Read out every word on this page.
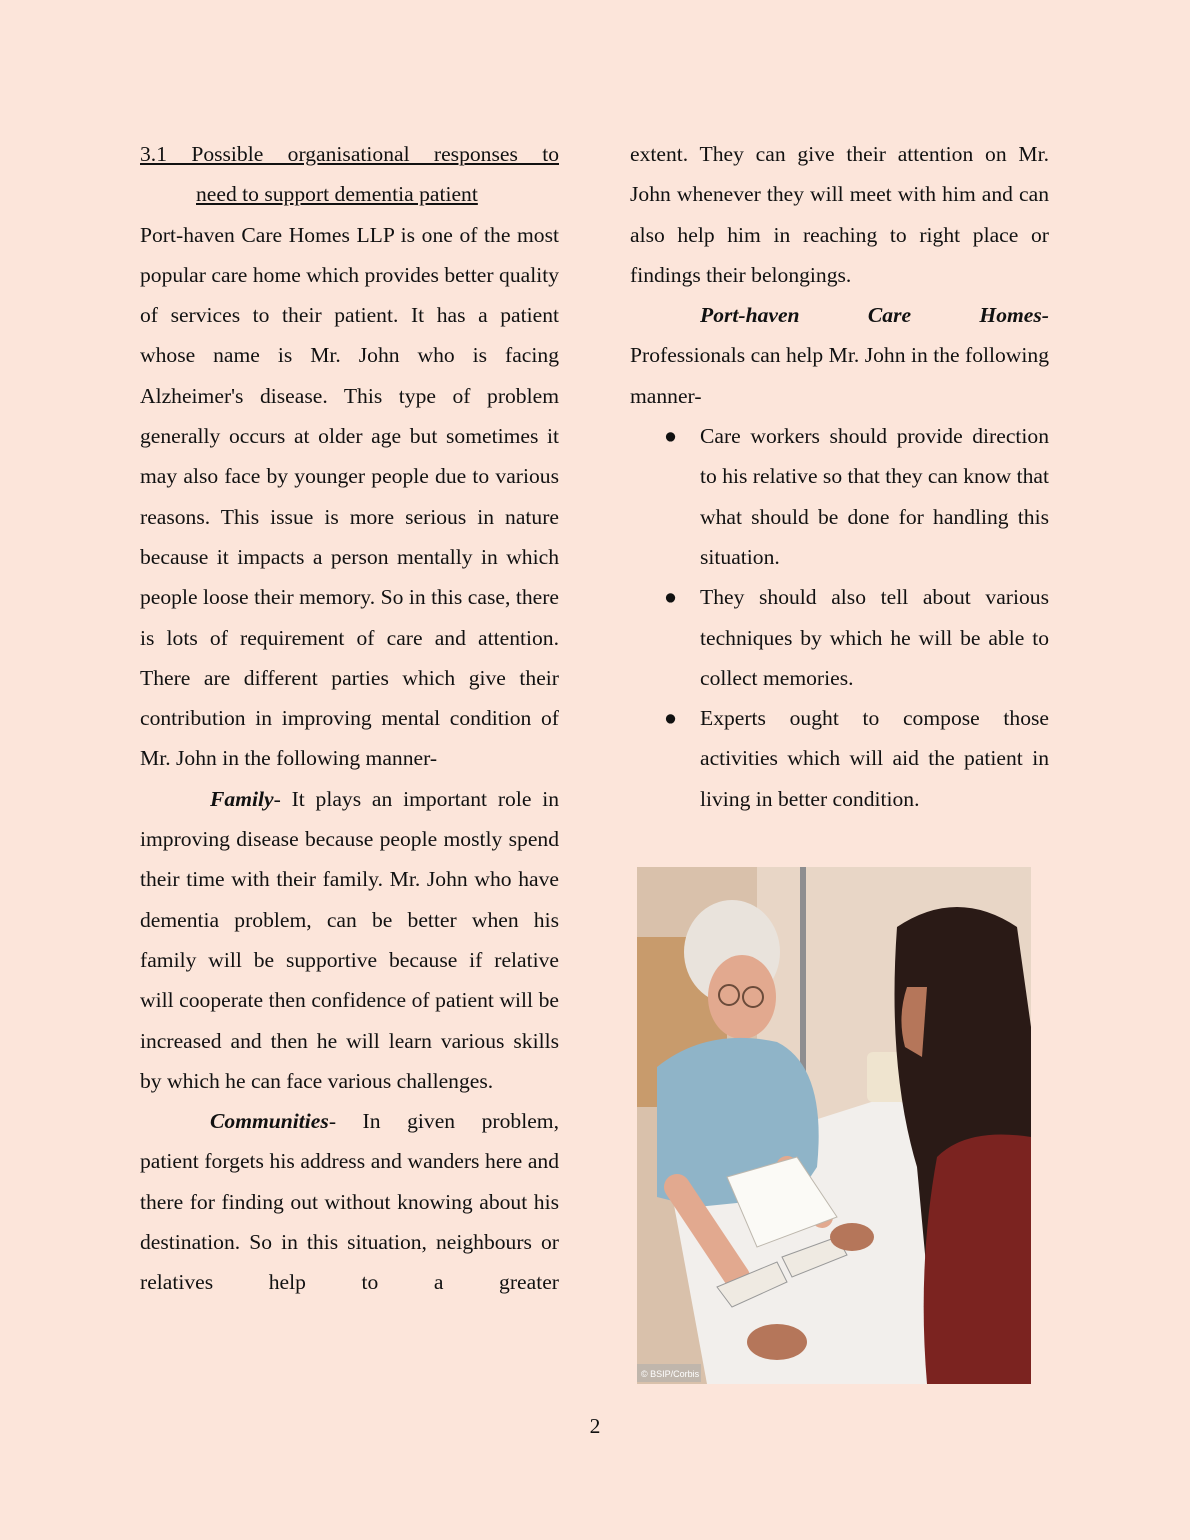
3.1 Possible organisational responses to
need to support dementia patient

Port-haven Care Homes LLP is one of the most popular care home which provides better quality of services to their patient. It has a patient whose name is Mr. John who is facing Alzheimer's disease. This type of problem generally occurs at older age but sometimes it may also face by younger people due to various reasons. This issue is more serious in nature because it impacts a person mentally in which people loose their memory. So in this case, there is lots of requirement of care and attention. There are different parties which give their contribution in improving mental condition of Mr. John in the following manner-

Family- It plays an important role in improving disease because people mostly spend their time with their family. Mr. John who have dementia problem, can be better when his family will be supportive because if relative will cooperate then confidence of patient will be increased and then he will learn various skills by which he can face various challenges.

Communities- In given problem, patient forgets his address and wanders here and there for finding out without knowing about his destination. So in this situation, neighbours or relatives help to a greater

extent. They can give their attention on Mr. John whenever they will meet with him and can also help him in reaching to right place or findings their belongings.

Port-haven Care Homes-
Professionals can help Mr. John in the following manner-

● Care workers should provide direction to his relative so that they can know that what should be done for handling this situation.
● They should also tell about various techniques by which he will be able to collect memories.
● Experts ought to compose those activities which will aid the patient in living in better condition.
© BSIP/Corbis
2
